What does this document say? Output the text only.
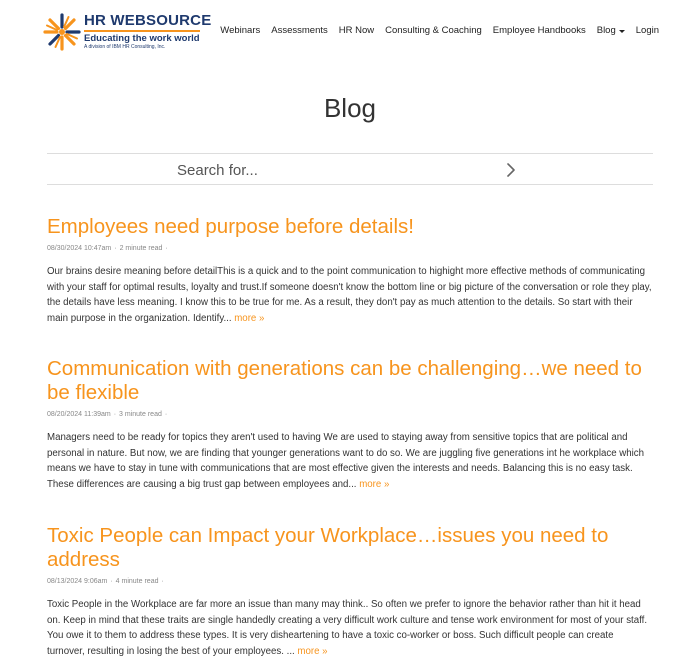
HR WEBSOURCE
Educating the work world
A division of IBM HR Consulting, Inc.
Webinars Assessments HR Now Consulting & Coaching Employee Handbooks Blog Login
Blog
Search for...
Employees need purpose before details!
08/30/2024 10:47am · 2 minute read ·

Our brains desire meaning before detailThis is a quick and to the point communication to highight more effective methods of communicating with your staff for optimal results, loyalty and trust.If someone doesn't know the bottom line or big picture of the conversation or role they play, the details have less meaning. I know this to be true for me. As a result, they don't pay as much attention to the details. So start with their main purpose in the organization. Identify... more »

Communication with generations can be challenging…we need to be flexible
08/20/2024 11:39am · 3 minute read ·

Managers need to be ready for topics they aren't used to having We are used to staying away from sensitive topics that are political and personal in nature. But now, we are finding that younger generations want to do so. We are juggling five generations int he workplace which means we have to stay in tune with communications that are most effective given the interests and needs. Balancing this is no easy task. These differences are causing a big trust gap between employees and... more »

Toxic People can Impact your Workplace…issues you need to address
08/13/2024 9:06am · 4 minute read ·

Toxic People in the Workplace are far more an issue than many may think.. So often we prefer to ignore the behavior rather than hit it head on. Keep in mind that these traits are single handedly creating a very difficult work culture and tense work environment for most of your staff. You owe it to them to address these types. It is very disheartening to have a toxic co-worker or boss. Such difficult people can create turnover, resulting in losing the best of your employees. ... more »
